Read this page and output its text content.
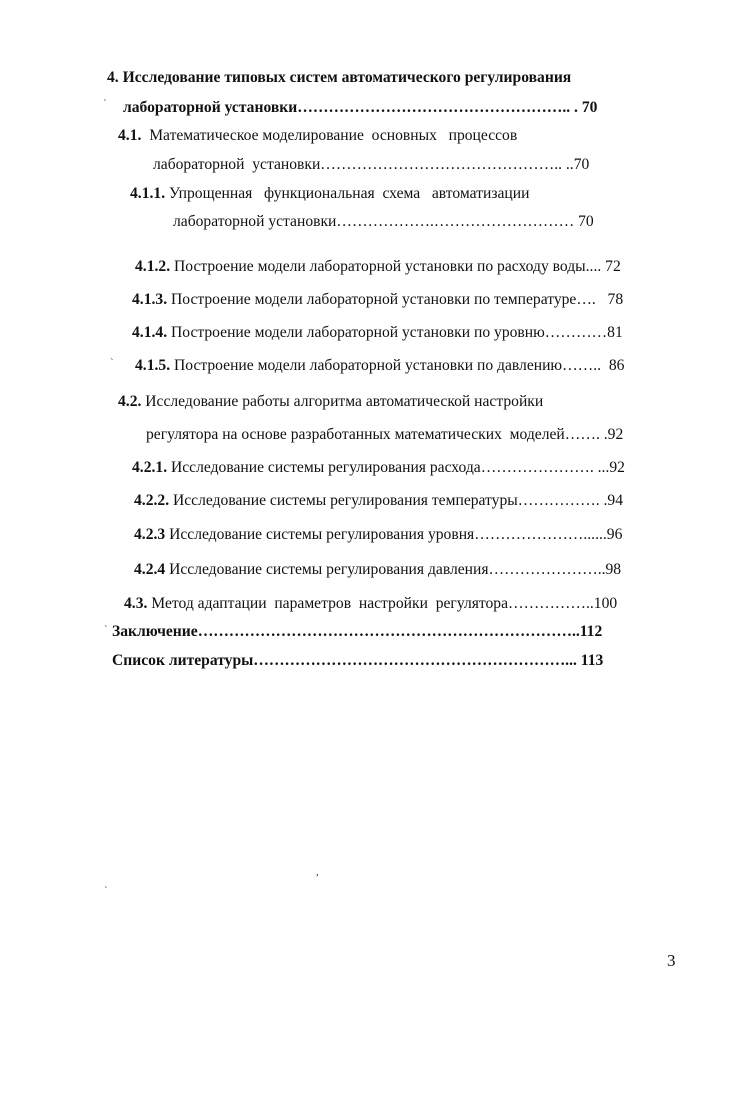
4. Исследование типовых систем автоматического регулирования
лабораторной установки…………………………………………….. . 70
4.1.  Математическое моделирование  основных   процессов
лабораторной  установки……………………………………….. ..70
4.1.1. Упрощенная   функциональная  схема   автоматизации
лабораторной установки……………….……………………… 70
4.1.2. Построение модели лабораторной установки по расходу воды.... 72
4.1.3. Построение модели лабораторной установки по температуре….   78
4.1.4. Построение модели лабораторной установки по уровню…………81
4.1.5. Построение модели лабораторной установки по давлению……..  86
4.2. Исследование работы алгоритма автоматической настройки
регулятора на основе разработанных математических  моделей……. .92
4.2.1. Исследование системы регулирования расхода…………………. ...92
4.2.2. Исследование системы регулирования температуры……………. .94
4.2.3 Исследование системы регулирования уровня…………………......96
4.2.4 Исследование системы регулирования давления…………………..98
4.3. Метод адаптации  параметров  настройки  регулятора……………..100
Заключение………………………………………………………………..112
Список литературы……………………………………………………... 113
`
`
`
,
`
3
